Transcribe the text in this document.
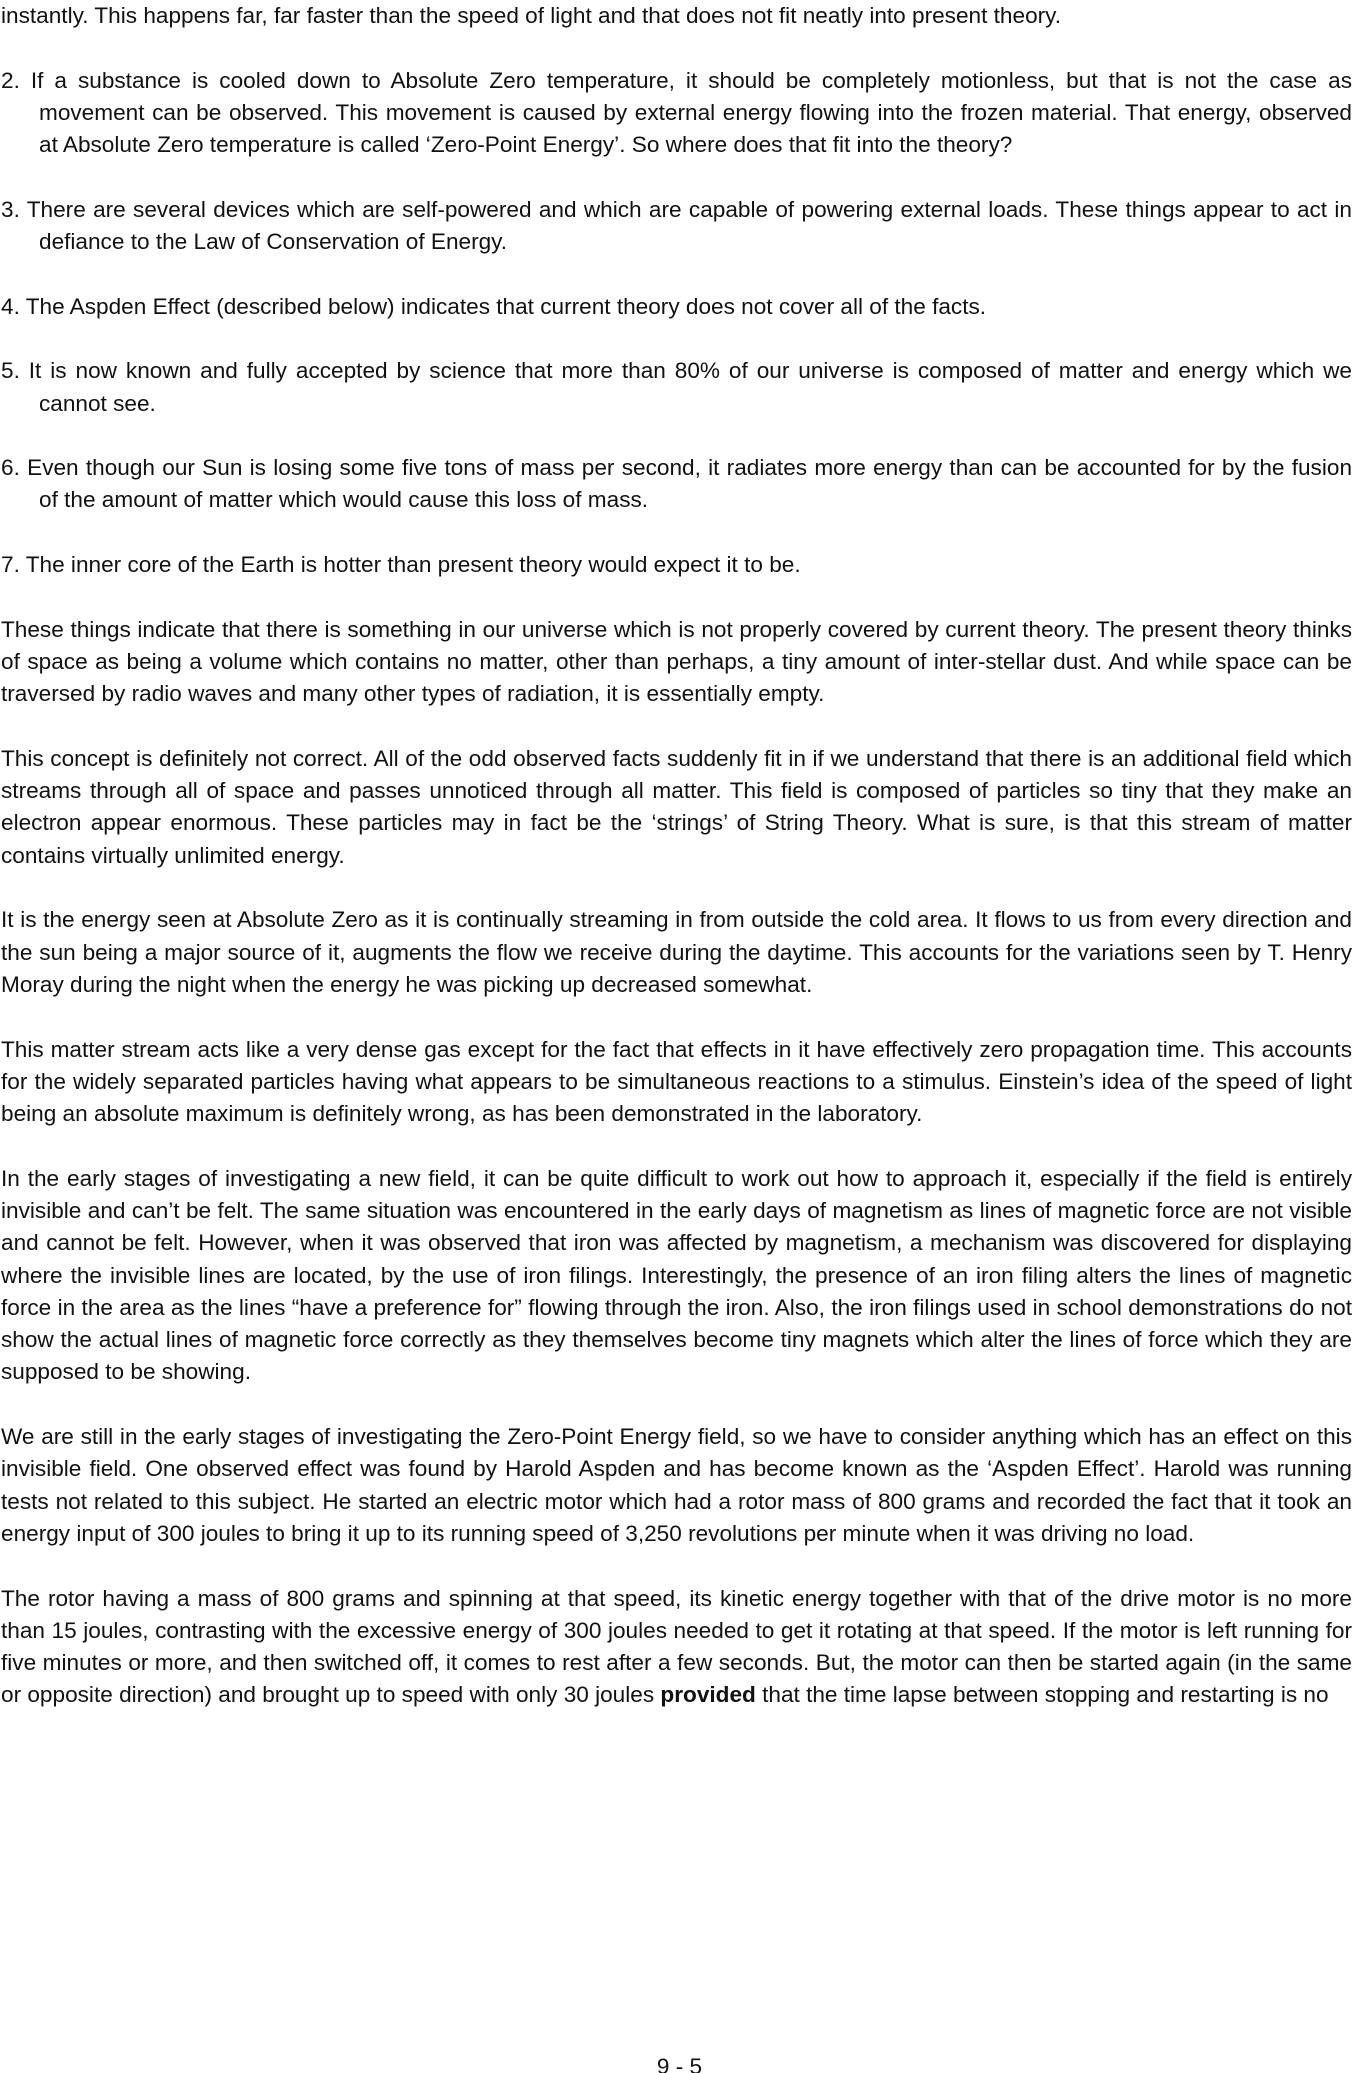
instantly. This happens far, far faster than the speed of light and that does not fit neatly into present theory.

2. If a substance is cooled down to Absolute Zero temperature, it should be completely motionless, but that is not the case as movement can be observed. This movement is caused by external energy flowing into the frozen material. That energy, observed at Absolute Zero temperature is called ‘Zero-Point Energy’. So where does that fit into the theory?

3. There are several devices which are self-powered and which are capable of powering external loads. These things appear to act in defiance to the Law of Conservation of Energy.

4. The Aspden Effect (described below) indicates that current theory does not cover all of the facts.

5. It is now known and fully accepted by science that more than 80% of our universe is composed of matter and energy which we cannot see.

6. Even though our Sun is losing some five tons of mass per second, it radiates more energy than can be accounted for by the fusion of the amount of matter which would cause this loss of mass.

7. The inner core of the Earth is hotter than present theory would expect it to be.

These things indicate that there is something in our universe which is not properly covered by current theory. The present theory thinks of space as being a volume which contains no matter, other than perhaps, a tiny amount of inter-stellar dust. And while space can be traversed by radio waves and many other types of radiation, it is essentially empty.

This concept is definitely not correct. All of the odd observed facts suddenly fit in if we understand that there is an additional field which streams through all of space and passes unnoticed through all matter. This field is composed of particles so tiny that they make an electron appear enormous. These particles may in fact be the ‘strings’ of String Theory. What is sure, is that this stream of matter contains virtually unlimited energy.

It is the energy seen at Absolute Zero as it is continually streaming in from outside the cold area. It flows to us from every direction and the sun being a major source of it, augments the flow we receive during the daytime. This accounts for the variations seen by T. Henry Moray during the night when the energy he was picking up decreased somewhat.

This matter stream acts like a very dense gas except for the fact that effects in it have effectively zero propagation time. This accounts for the widely separated particles having what appears to be simultaneous reactions to a stimulus. Einstein’s idea of the speed of light being an absolute maximum is definitely wrong, as has been demonstrated in the laboratory.

In the early stages of investigating a new field, it can be quite difficult to work out how to approach it, especially if the field is entirely invisible and can’t be felt. The same situation was encountered in the early days of magnetism as lines of magnetic force are not visible and cannot be felt. However, when it was observed that iron was affected by magnetism, a mechanism was discovered for displaying where the invisible lines are located, by the use of iron filings. Interestingly, the presence of an iron filing alters the lines of magnetic force in the area as the lines “have a preference for” flowing through the iron. Also, the iron filings used in school demonstrations do not show the actual lines of magnetic force correctly as they themselves become tiny magnets which alter the lines of force which they are supposed to be showing.

We are still in the early stages of investigating the Zero-Point Energy field, so we have to consider anything which has an effect on this invisible field. One observed effect was found by Harold Aspden and has become known as the ‘Aspden Effect’. Harold was running tests not related to this subject. He started an electric motor which had a rotor mass of 800 grams and recorded the fact that it took an energy input of 300 joules to bring it up to its running speed of 3,250 revolutions per minute when it was driving no load.

The rotor having a mass of 800 grams and spinning at that speed, its kinetic energy together with that of the drive motor is no more than 15 joules, contrasting with the excessive energy of 300 joules needed to get it rotating at that speed. If the motor is left running for five minutes or more, and then switched off, it comes to rest after a few seconds. But, the motor can then be started again (in the same or opposite direction) and brought up to speed with only 30 joules provided that the time lapse between stopping and restarting is no

9 - 5
